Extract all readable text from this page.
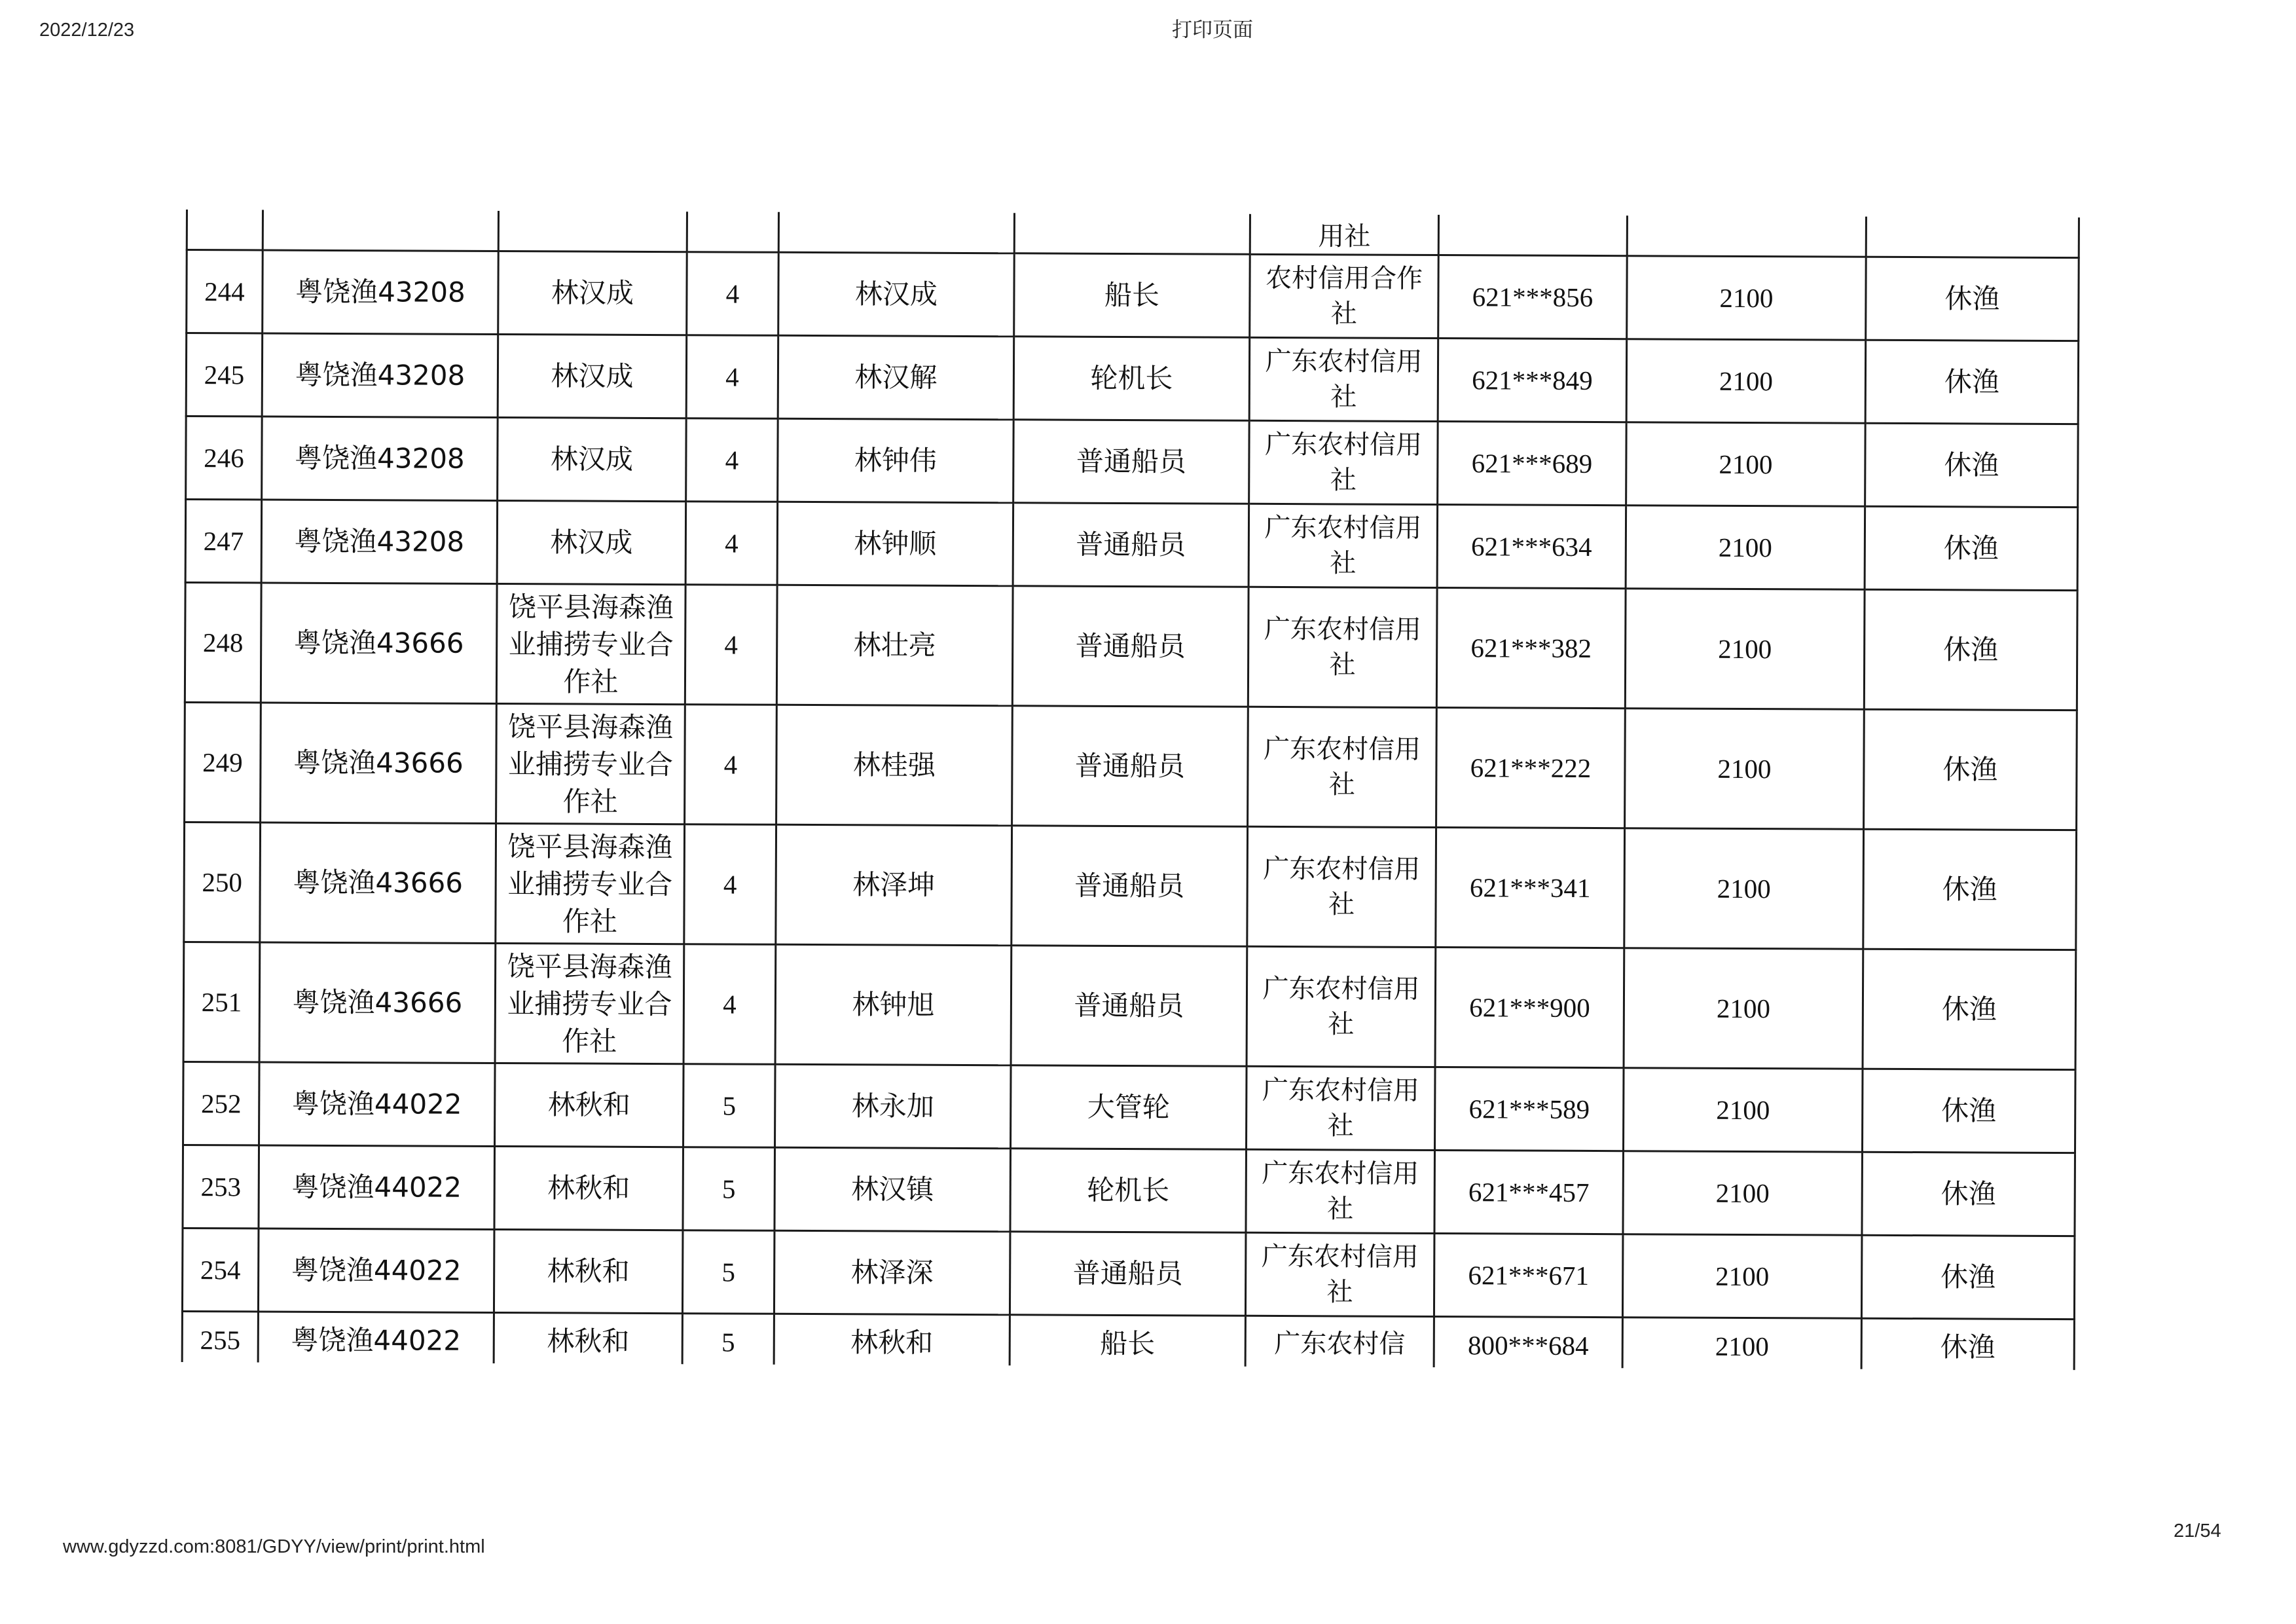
2022/12/23	打印页面
						用社			
244	粤饶渔43208	林汉成	4	林汉成	船长	农村信用合作社	621***856	2100	休渔
245	粤饶渔43208	林汉成	4	林汉解	轮机长	广东农村信用社	621***849	2100	休渔
246	粤饶渔43208	林汉成	4	林钟伟	普通船员	广东农村信用社	621***689	2100	休渔
247	粤饶渔43208	林汉成	4	林钟顺	普通船员	广东农村信用社	621***634	2100	休渔
248	粤饶渔43666	饶平县海森渔业捕捞专业合作社	4	林壮亮	普通船员	广东农村信用社	621***382	2100	休渔
249	粤饶渔43666	饶平县海森渔业捕捞专业合作社	4	林桂强	普通船员	广东农村信用社	621***222	2100	休渔
250	粤饶渔43666	饶平县海森渔业捕捞专业合作社	4	林泽坤	普通船员	广东农村信用社	621***341	2100	休渔
251	粤饶渔43666	饶平县海森渔业捕捞专业合作社	4	林钟旭	普通船员	广东农村信用社	621***900	2100	休渔
252	粤饶渔44022	林秋和	5	林永加	大管轮	广东农村信用社	621***589	2100	休渔
253	粤饶渔44022	林秋和	5	林汉镇	轮机长	广东农村信用社	621***457	2100	休渔
254	粤饶渔44022	林秋和	5	林泽深	普通船员	广东农村信用社	621***671	2100	休渔
255	粤饶渔44022	林秋和	5	林秋和	船长	广东农村信	800***684	2100	休渔
www.gdyzzd.com:8081/GDYY/view/print/print.html
21/54
